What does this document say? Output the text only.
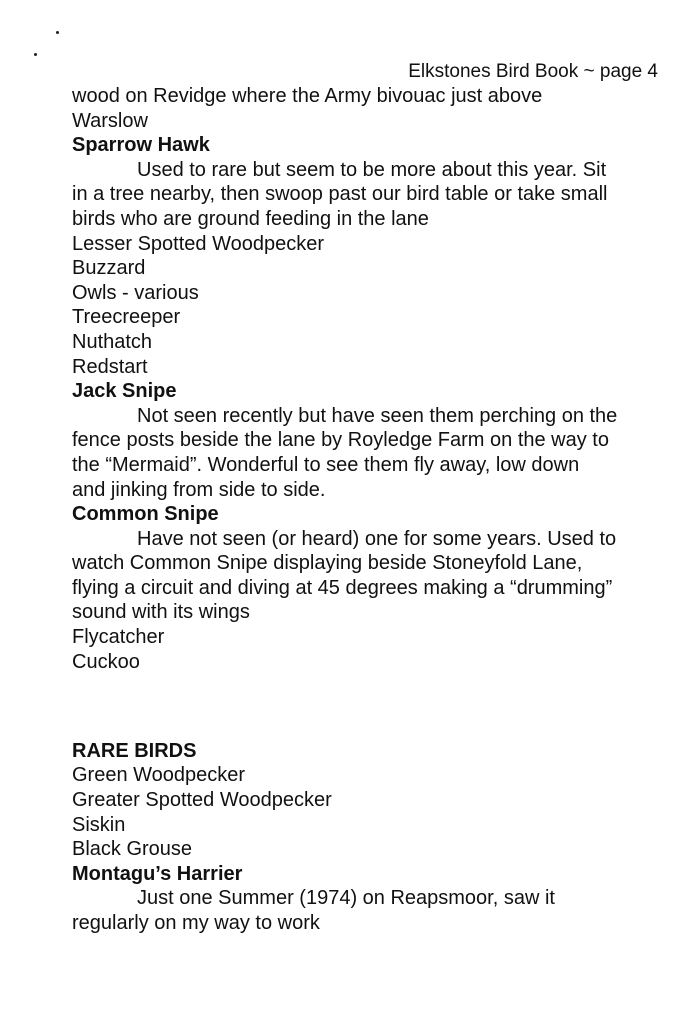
Elkstones Bird Book ~ page 4
wood on Revidge where the Army bivouac just above
Warslow
Sparrow Hawk
Used to rare but seem to be more about this year. Sit
in a tree nearby, then swoop past our bird table or take small
birds who are ground feeding in the lane
Lesser Spotted Woodpecker
Buzzard
Owls - various
Treecreeper
Nuthatch
Redstart
Jack Snipe
Not seen recently but have seen them perching on the
fence posts beside the lane by Royledge Farm on the way to
the “Mermaid”. Wonderful to see them fly away, low down
and jinking from side to side.
Common Snipe
Have not seen (or heard) one for some years. Used to
watch Common Snipe displaying beside Stoneyfold Lane,
flying a circuit and diving at 45 degrees making a “drumming”
sound with its wings
Flycatcher
Cuckoo
RARE BIRDS
Green Woodpecker
Greater Spotted Woodpecker
Siskin
Black Grouse
Montagu’s Harrier
Just one Summer (1974) on Reapsmoor, saw it
regularly on my way to work
